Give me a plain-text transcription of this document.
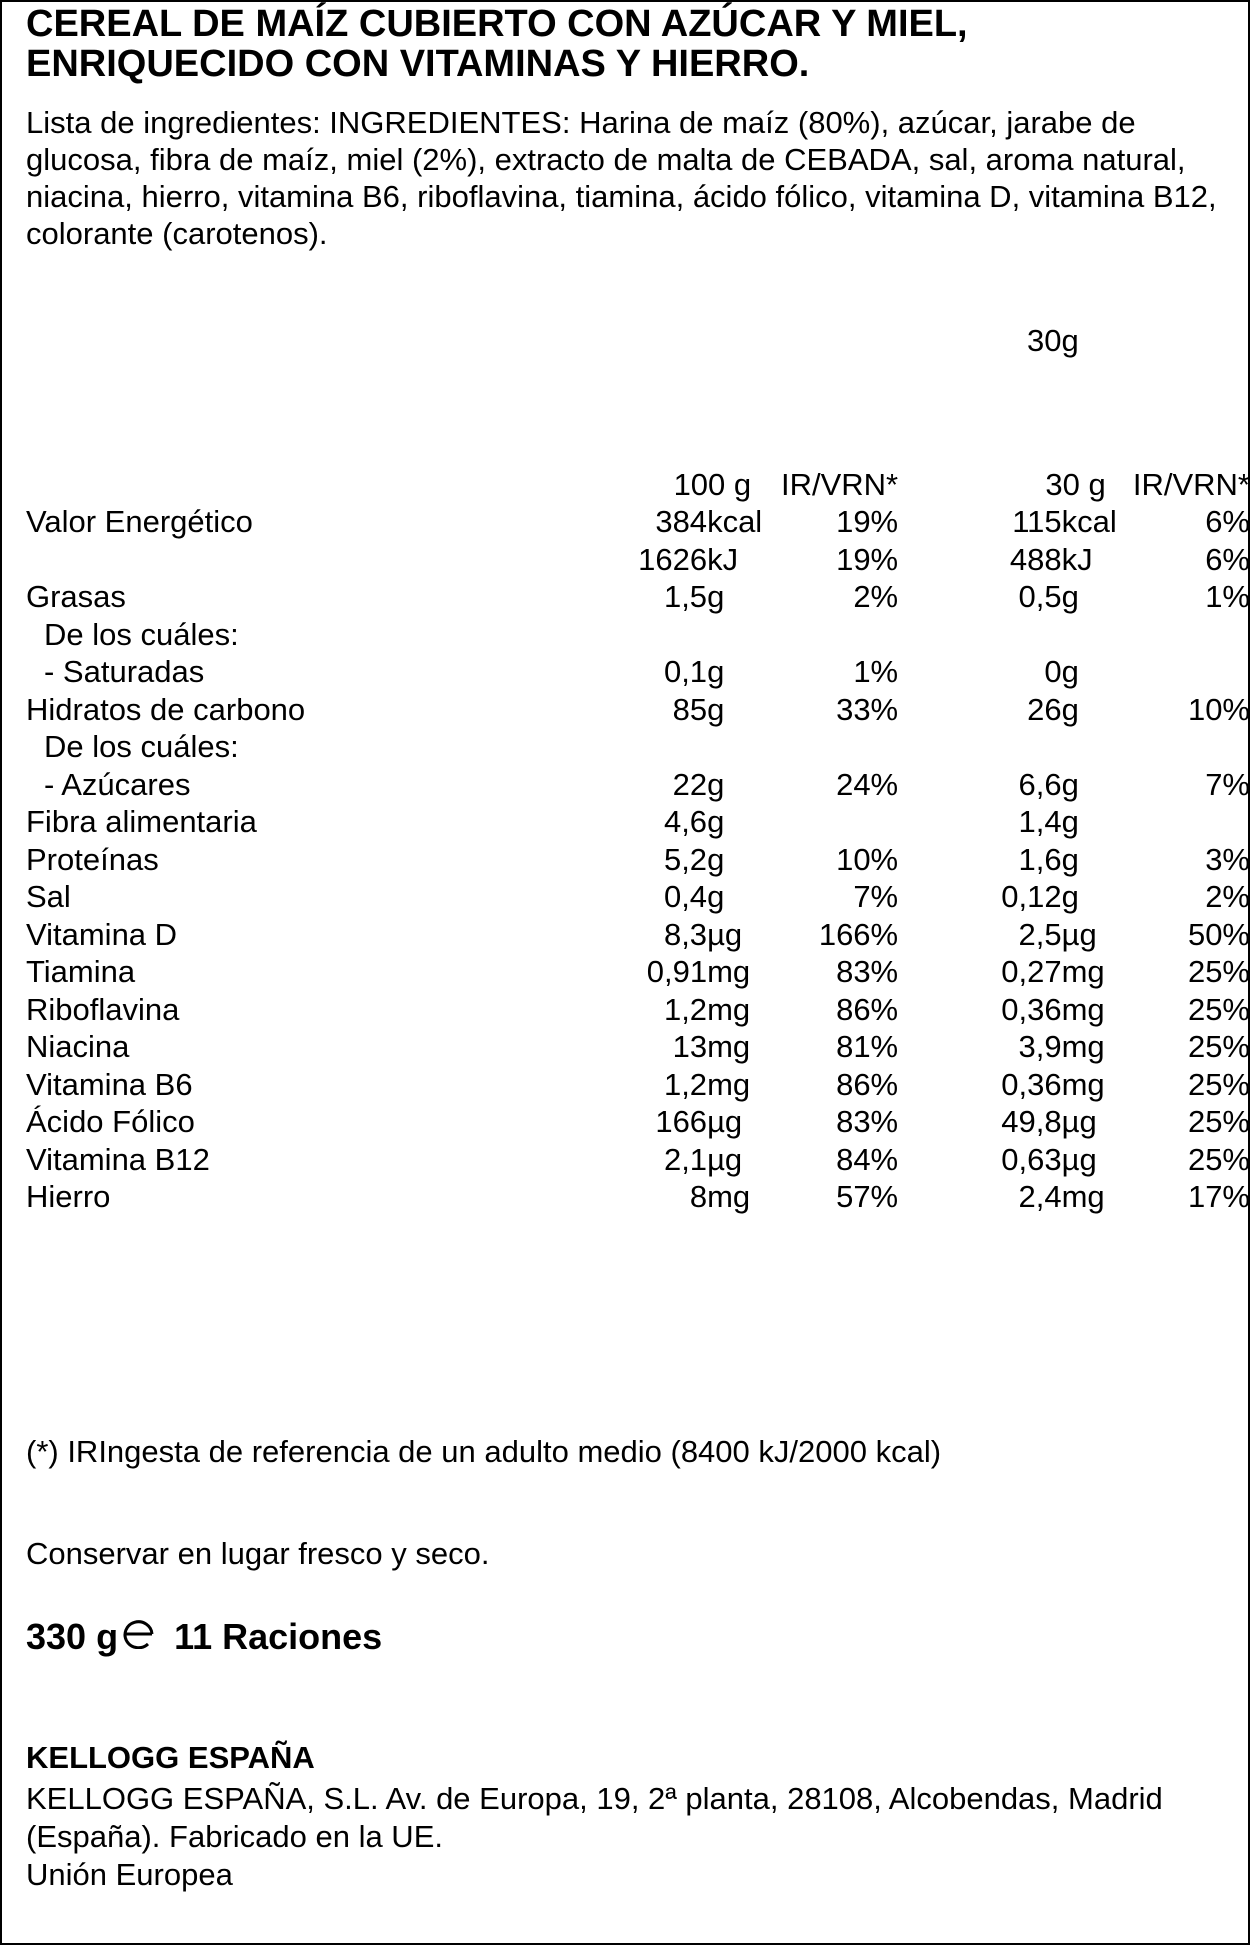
CEREAL DE MAÍZ CUBIERTO CON AZÚCAR Y MIEL, ENRIQUECIDO CON VITAMINAS Y HIERRO.

Lista de ingredientes: INGREDIENTES: Harina de maíz (80%), azúcar, jarabe de glucosa, fibra de maíz, miel (2%), extracto de malta de CEBADA, sal, aroma natural, niacina, hierro, vitamina B6, riboflavina, tiamina, ácido fólico, vitamina D, vitamina B12, colorante (carotenos).

30g
	100 g		IR/VRN*	30 g		IR/VRN*
Valor Energético	384	kcal	19%	115	kcal	6%
	1626	kJ	19%	488	kJ	6%
Grasas	1,5	g	2%	0,5	g	1%
De los cuáles:						
- Saturadas	0,1	g	1%	0	g	
Hidratos de carbono	85	g	33%	26	g	10%
De los cuáles:						
- Azúcares	22	g	24%	6,6	g	7%
Fibra alimentaria	4,6	g		1,4	g	
Proteínas	5,2	g	10%	1,6	g	3%
Sal	0,4	g	7%	0,12	g	2%
Vitamina D	8,3	µg	166%	2,5	µg	50%
Tiamina	0,91	mg	83%	0,27	mg	25%
Riboflavina	1,2	mg	86%	0,36	mg	25%
Niacina	13	mg	81%	3,9	mg	25%
Vitamina B6	1,2	mg	86%	0,36	mg	25%
Ácido Fólico	166	µg	83%	49,8	µg	25%
Vitamina B12	2,1	µg	84%	0,63	µg	25%
Hierro	8	mg	57%	2,4	mg	17%
(*) IRIngesta de referencia de un adulto medio (8400 kJ/2000 kcal)
Conservar en lugar fresco y seco.
330 g 11 Raciones
KELLOGG ESPAÑA

KELLOGG ESPAÑA, S.L. Av. de Europa, 19, 2ª planta, 28108, Alcobendas, Madrid (España). Fabricado en la UE.
Unión Europea
